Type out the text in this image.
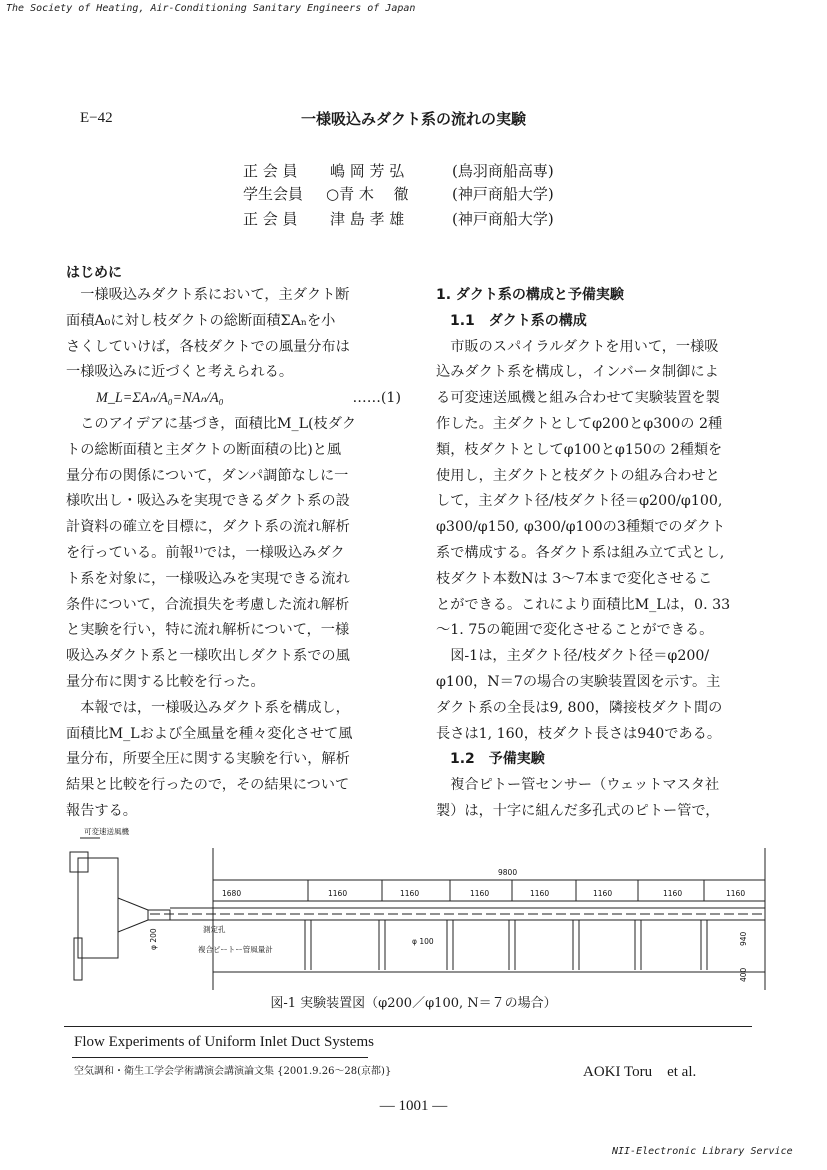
The Society of Heating, Air-Conditioning Sanitary Engineers of Japan
E−42	一様吸込みダクト系の流れの実験
正 会 員 嶋 岡 芳 弘	(鳥羽商船高専)
学生会員 ○青 木 　徹	(神戸商船大学)
正 会 員 津 島 孝 雄	(神戸商船大学)
はじめに
　一様吸込みダクト系において，主ダクト断
面積A₀に対し枝ダクトの総断面積ΣAₙを小
さくしていけば，各枝ダクトでの風量分布は
一様吸込みに近づくと考えられる。
M_L=ΣAₙ/A₀=NAₙ/A₀	……(1)
　このアイデアに基づき，面積比M_L(枝ダク
トの総断面積と主ダクトの断面積の比)と風
量分布の関係について，ダンパ調節なしに一
様吹出し・吸込みを実現できるダクト系の設
計資料の確立を目標に，ダクト系の流れ解析
を行っている。前報¹⁾では，一様吸込みダク
ト系を対象に，一様吸込みを実現できる流れ
条件について，合流損失を考慮した流れ解析
と実験を行い，特に流れ解析について，一様
吸込みダクト系と一様吹出しダクト系での風
量分布に関する比較を行った。
　本報では，一様吸込みダクト系を構成し，
面積比M_Lおよび全風量を種々変化させて風
量分布，所要全圧に関する実験を行い，解析
結果と比較を行ったので，その結果について
報告する。
1. ダクト系の構成と予備実験
1.1　ダクト系の構成
　市販のスパイラルダクトを用いて，一様吸
込みダクト系を構成し，インバータ制御によ
る可変速送風機と組み合わせて実験装置を製
作した。主ダクトとしてφ200とφ300の 2種
類，枝ダクトとしてφ100とφ150の 2種類を
使用し，主ダクトと枝ダクトの組み合わせと
して，主ダクト径/枝ダクト径＝φ200/φ100,
φ300/φ150, φ300/φ100の3種類でのダクト
系で構成する。各ダクト系は組み立て式とし,
枝ダクト本数Nは 3〜7本まで変化させるこ
とができる。これにより面積比M_Lは，0. 33
〜1. 75の範囲で変化させることができる。
　図-1は，主ダクト径/枝ダクト径＝φ200/
φ100，N＝7の場合の実験装置図を示す。主
ダクト系の全長は9, 800，隣接枝ダクト間の
長さは1, 160，枝ダクト長さは940である。
1.2　予備実験
　複合ピトー管センサー（ウェットマスタ社
製）は，十字に組んだ多孔式のピトー管で，
可変速送風機
9800
1680	1160	1160	1160	1160	1160	1160	1160
測定孔
複合ピートー管風量計
φ 100
φ 200	940
400
図-1 実験装置図（φ200／φ100, N＝７の場合）
Flow Experiments of Uniform Inlet Duct Systems
空気調和・衛生工学会学術講演会講演論文集 {2001.9.26〜28(京都)}	AOKI Toru　et al.
— 1001 —
NII-Electronic Library Service
